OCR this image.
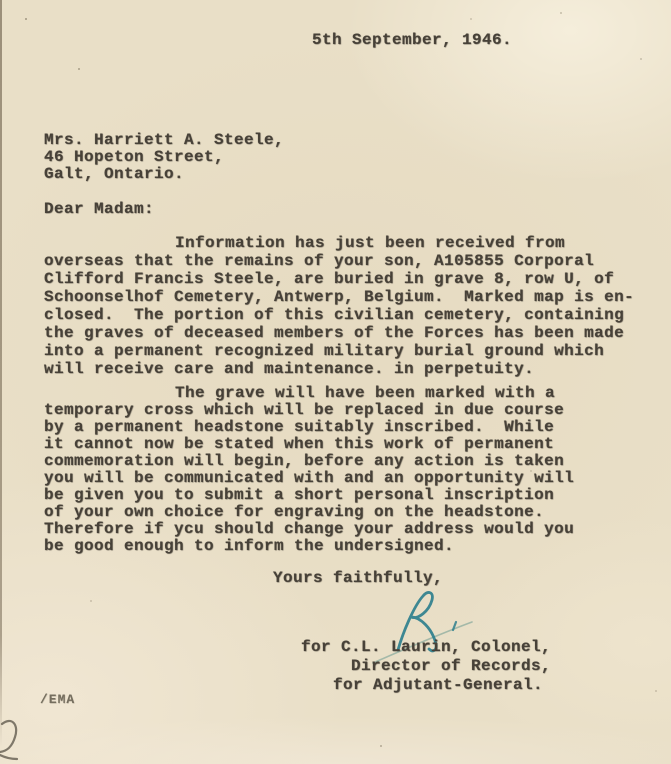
5th September, 1946.
Mrs. Harriett A. Steele,
46 Hopeton Street,
Galt, Ontario.
Dear Madam:
Information has just been received from
overseas that the remains of your son, A105855 Corporal
Clifford Francis Steele, are buried in grave 8, row U, of
Schoonselhof Cemetery, Antwerp, Belgium.  Marked map is en-
closed.  The portion of this civilian cemetery, containing
the graves of deceased members of the Forces has been made
into a permanent recognized military burial ground which
will receive care and maintenance. in perpetuity.
The grave will have been marked with a
temporary cross which will be replaced in due course
by a permanent headstone suitably inscribed.  While
it cannot now be stated when this work of permanent
commemoration will begin, before any action is taken
you will be communicated with and an opportunity will
be given you to submit a short personal inscription
of your own choice for engraving on the headstone.
Therefore if ycu should change your address would you
be good enough to inform the undersigned.
Yours faithfully,
for C.L. Laurin, Colonel,
Director of Records,
for Adjutant-General.
/EMA
